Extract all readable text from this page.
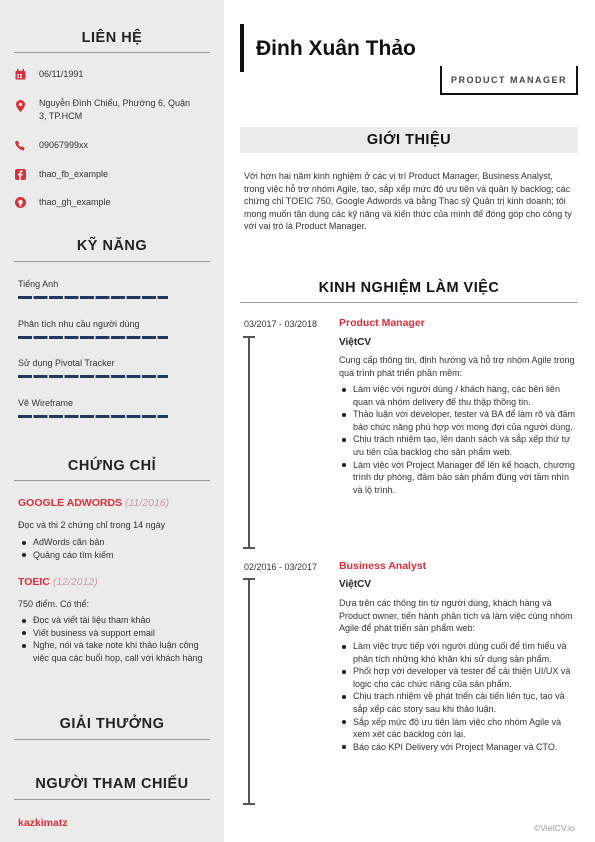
LIÊN HỆ
06/11/1991
Nguyễn Đình Chiểu, Phường 6, Quận 3, TP.HCM
09067999xx
thao_fb_example
thao_gh_example
KỸ NĂNG
Tiếng Anh
Phân tích nhu cầu người dùng
Sử dụng Pivotal Tracker
Vẽ Wireframe
CHỨNG CHỈ
GOOGLE ADWORDS (11/2016)
Đọc và thi 2 chứng chỉ trong 14 ngày
AdWords căn bản
Quảng cáo tìm kiếm
TOEIC (12/2012)
750 điểm. Có thể:
Đọc và viết tài liệu tham khảo
Viết business và support email
Nghe, nói và take note khi thảo luận công việc qua các buổi họp, call với khách hàng
GIẢI THƯỞNG
NGƯỜI THAM CHIẾU
kazkimatz
Đinh Xuân Thảo
PRODUCT MANAGER
GIỚI THIỆU
Với hơn hai năm kinh nghiệm ở các vị trí Product Manager, Business Analyst, trong việc hỗ trợ nhóm Agile, tạo, sắp xếp mức độ ưu tiên và quản lý backlog; các chứng chỉ TOEIC 750, Google Adwords và bằng Thạc sỹ Quản trị kinh doanh; tôi mong muốn tận dụng các kỹ năng và kiến thức của mình để đóng góp cho công ty với vai trò là Product Manager.
KINH NGHIỆM LÀM VIỆC
03/2017 - 03/2018 Product Manager
ViệtCV
Cung cấp thông tin, định hướng và hỗ trợ nhóm Agile trong quá trình phát triển phần mềm:
Làm việc với người dùng / khách hàng, các bên liên quan và nhóm delivery để thu thập thông tin.
Thảo luận với developer, tester và BA để làm rõ và đảm bảo chức năng phù hợp với mong đợi của người dùng.
Chịu trách nhiệm tạo, lên danh sách và sắp xếp thứ tự ưu tiên của backlog cho sản phẩm web.
Làm việc với Project Manager để lên kế hoạch, chương trình dự phòng, đảm bảo sản phẩm đúng với tầm nhìn và lộ trình.
02/2016 - 03/2017 Business Analyst
ViệtCV
Dựa trên các thông tin từ người dùng, khách hàng và Product owner, tiến hành phân tích và làm việc cùng nhóm Agile để phát triển sản phẩm web:
Làm việc trực tiếp với người dùng cuối để tìm hiểu và phân tích những khó khăn khi sử dụng sản phẩm.
Phối hợp với developer và tester để cải thiện UI/UX và logic cho các chức năng của sản phẩm.
Chịu trách nhiệm về phát triển cải tiến liên tục, tạo và sắp xếp các story sau khi thảo luận.
Sắp xếp mức độ ưu tiên làm việc cho nhóm Agile và xem xét các backlog còn lại.
Báo cáo KPI Delivery với Project Manager và CTO.
©VietCV.io
